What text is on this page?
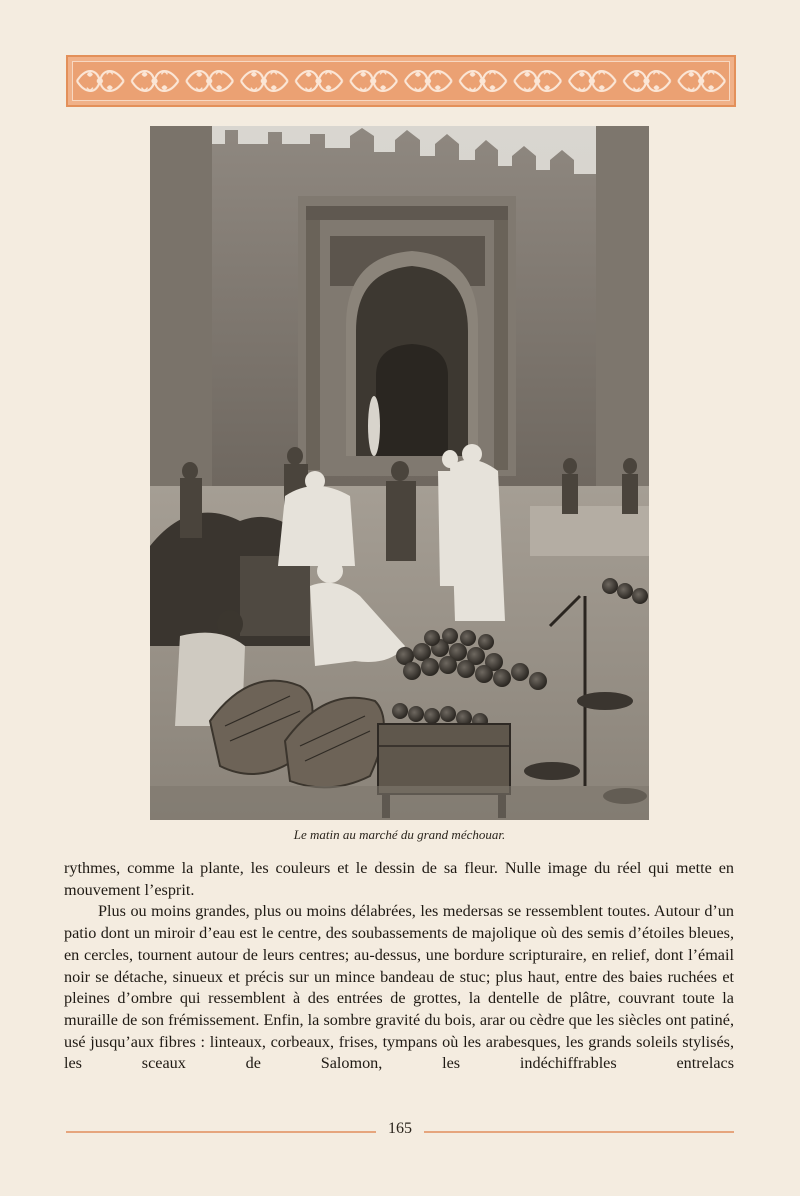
Le matin au marché du grand méchouar.

rythmes, comme la plante, les couleurs et le dessin de sa fleur. Nulle image du réel qui mette en mouvement l’esprit.

Plus ou moins grandes, plus ou moins délabrées, les medersas se ressemblent toutes. Autour d’un patio dont un miroir d’eau est le centre, des soubassements de majolique où des semis d’étoiles bleues, en cercles, tournent autour de leurs centres; au-dessus, une bordure scripturaire, en relief, dont l’émail noir se détache, sinueux et précis sur un mince bandeau de stuc; plus haut, entre des baies ruchées et pleines d’ombre qui ressemblent à des entrées de grottes, la dentelle de plâtre, couvrant toute la muraille de son frémissement. Enfin, la sombre gravité du bois, arar ou cèdre que les siècles ont patiné, usé jusqu’aux fibres : linteaux, corbeaux, frises, tympans où les arabesques, les grands soleils stylisés, les sceaux de Salomon, les indéchiffrables entrelacs

165
